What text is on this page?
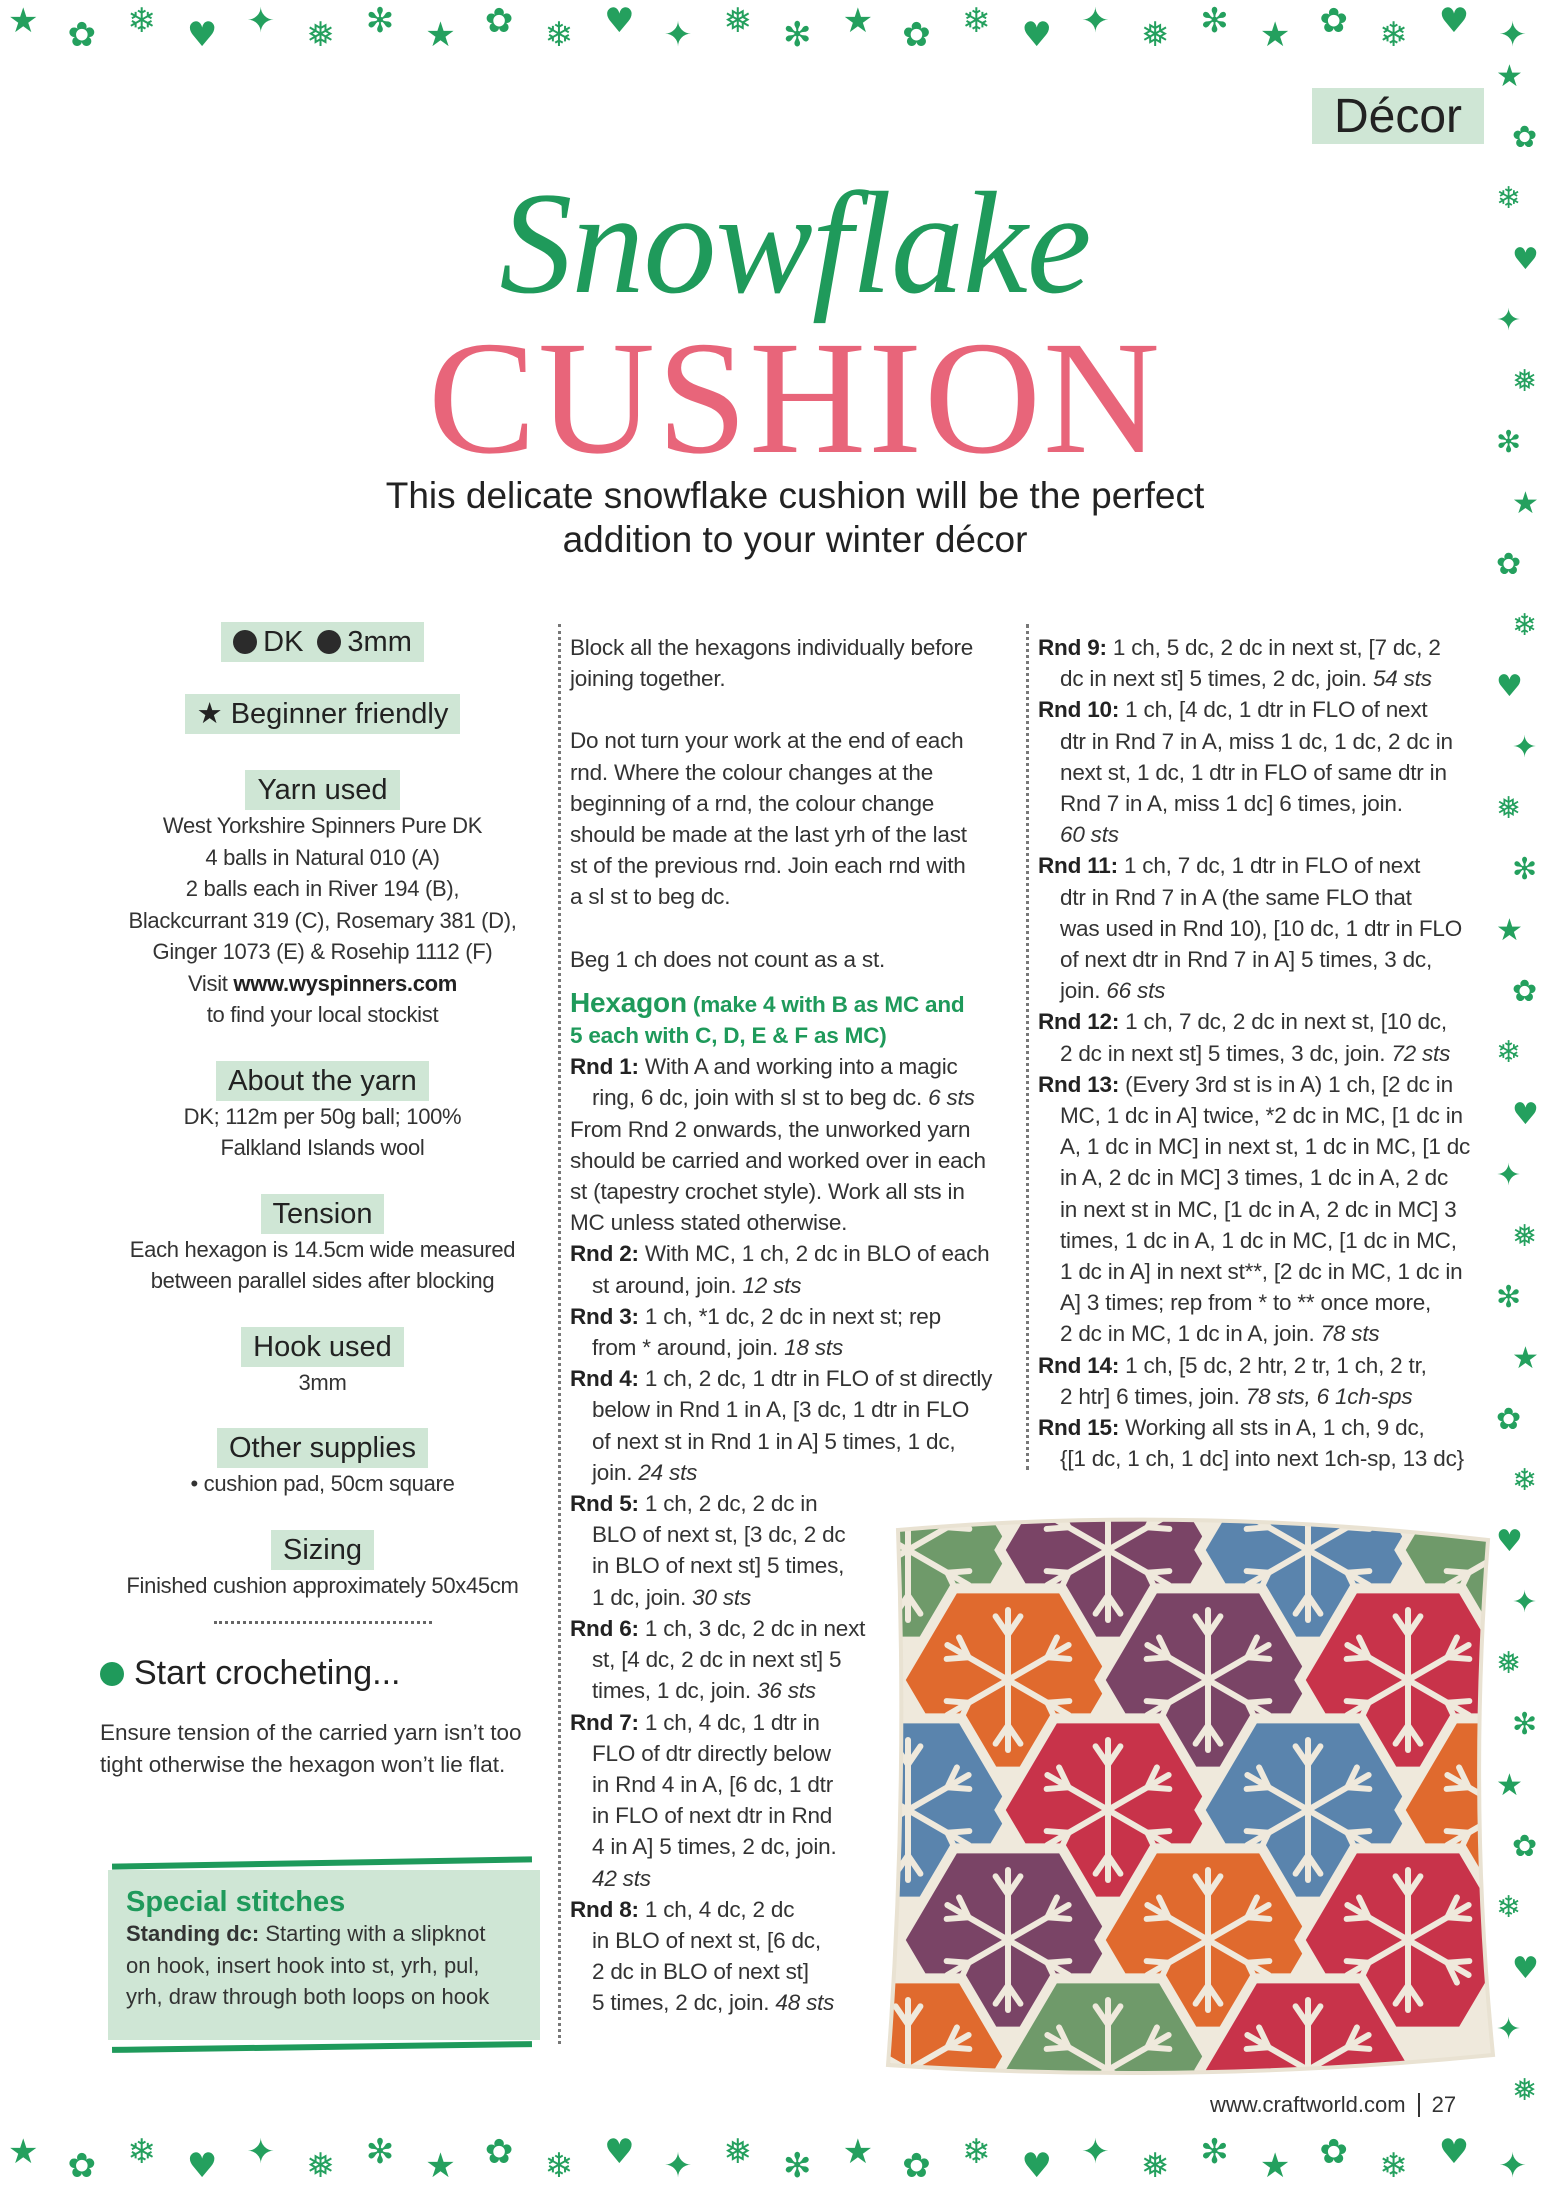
★ ✿ ❄ ♥ ✦ ❅ ✻ ★ ✿ ❄ ♥ ✦ ❅ ✻ ★ ✿ ❄ ♥ ✦ ❅ ✻ ★ ✿ ❄ ♥ ✦
★
✿
❄
♥
✦
❅
✻
★
✿
❄
♥
✦
❅
✻
★
✿
❄
♥
✦
❅
✻
★
✿
❄
♥
✦
❅
✻
★
✿
❄
♥
✦
❅
★ ✿ ❄ ♥ ✦ ❅ ✻ ★ ✿ ❄ ♥ ✦ ❅ ✻ ★ ✿ ❄ ♥ ✦ ❅ ✻ ★ ✿ ❄ ♥ ✦
Décor
Snowflake
CUSHION
This delicate snowflake cushion will be the perfect
addition to your winter décor
DK 3mm
★ Beginner friendly
Yarn used
West Yorkshire Spinners Pure DK
4 balls in Natural 010 (A)
2 balls each in River 194 (B),
Blackcurrant 319 (C), Rosemary 381 (D),
Ginger 1073 (E) & Rosehip 1112 (F)
Visit www.wyspinners.com
to find your local stockist
About the yarn
DK; 112m per 50g ball; 100%
Falkland Islands wool
Tension
Each hexagon is 14.5cm wide measured
between parallel sides after blocking
Hook used
3mm
Other supplies
• cushion pad, 50cm square
Sizing
Finished cushion approximately 50x45cm
Start crocheting...
Ensure tension of the carried yarn isn’t too
tight otherwise the hexagon won’t lie flat.
Special stitches

Standing dc: Starting with a slipknot

on hook, insert hook into st, yrh, pul,

yrh, draw through both loops on hook

Block all the hexagons individually before

joining together.

Do not turn your work at the end of each

rnd. Where the colour changes at the

beginning of a rnd, the colour change

should be made at the last yrh of the last

st of the previous rnd. Join each rnd with

a sl st to beg dc.

Beg 1 ch does not count as a st.

Hexagon (make 4 with B as MC and

5 each with C, D, E & F as MC)

Rnd 1: With A and working into a magic
ring, 6 dc, join with sl st to beg dc. 6 sts

From Rnd 2 onwards, the unworked yarn

should be carried and worked over in each

st (tapestry crochet style). Work all sts in

MC unless stated otherwise.

Rnd 2: With MC, 1 ch, 2 dc in BLO of each
st around, join. 12 sts
Rnd 3: 1 ch, *1 dc, 2 dc in next st; rep
from * around, join. 18 sts
Rnd 4: 1 ch, 2 dc, 1 dtr in FLO of st directly
below in Rnd 1 in A, [3 dc, 1 dtr in FLO
of next st in Rnd 1 in A] 5 times, 1 dc,
join. 24 sts
Rnd 5: 1 ch, 2 dc, 2 dc in
BLO of next st, [3 dc, 2 dc
in BLO of next st] 5 times,
1 dc, join. 30 sts
Rnd 6: 1 ch, 3 dc, 2 dc in next
st, [4 dc, 2 dc in next st] 5
times, 1 dc, join. 36 sts
Rnd 7: 1 ch, 4 dc, 1 dtr in
FLO of dtr directly below
in Rnd 4 in A, [6 dc, 1 dtr
in FLO of next dtr in Rnd
4 in A] 5 times, 2 dc, join.
42 sts
Rnd 8: 1 ch, 4 dc, 2 dc
in BLO of next st, [6 dc,
2 dc in BLO of next st]
5 times, 2 dc, join. 48 sts
Rnd 9: 1 ch, 5 dc, 2 dc in next st, [7 dc, 2
dc in next st] 5 times, 2 dc, join. 54 sts
Rnd 10: 1 ch, [4 dc, 1 dtr in FLO of next
dtr in Rnd 7 in A, miss 1 dc, 1 dc, 2 dc in
next st, 1 dc, 1 dtr in FLO of same dtr in
Rnd 7 in A, miss 1 dc] 6 times, join.
60 sts
Rnd 11: 1 ch, 7 dc, 1 dtr in FLO of next
dtr in Rnd 7 in A (the same FLO that
was used in Rnd 10), [10 dc, 1 dtr in FLO
of next dtr in Rnd 7 in A] 5 times, 3 dc,
join. 66 sts
Rnd 12: 1 ch, 7 dc, 2 dc in next st, [10 dc,
2 dc in next st] 5 times, 3 dc, join. 72 sts
Rnd 13: (Every 3rd st is in A) 1 ch, [2 dc in
MC, 1 dc in A] twice, *2 dc in MC, [1 dc in
A, 1 dc in MC] in next st, 1 dc in MC, [1 dc
in A, 2 dc in MC] 3 times, 1 dc in A, 2 dc
in next st in MC, [1 dc in A, 2 dc in MC] 3
times, 1 dc in A, 1 dc in MC, [1 dc in MC,
1 dc in A] in next st**, [2 dc in MC, 1 dc in
A] 3 times; rep from * to ** once more,
2 dc in MC, 1 dc in A, join. 78 sts
Rnd 14: 1 ch, [5 dc, 2 htr, 2 tr, 1 ch, 2 tr,
2 htr] 6 times, join. 78 sts, 6 1ch-sps
Rnd 15: Working all sts in A, 1 ch, 9 dc,
{[1 dc, 1 ch, 1 dc] into next 1ch-sp, 13 dc}
www.craftworld.com 27
